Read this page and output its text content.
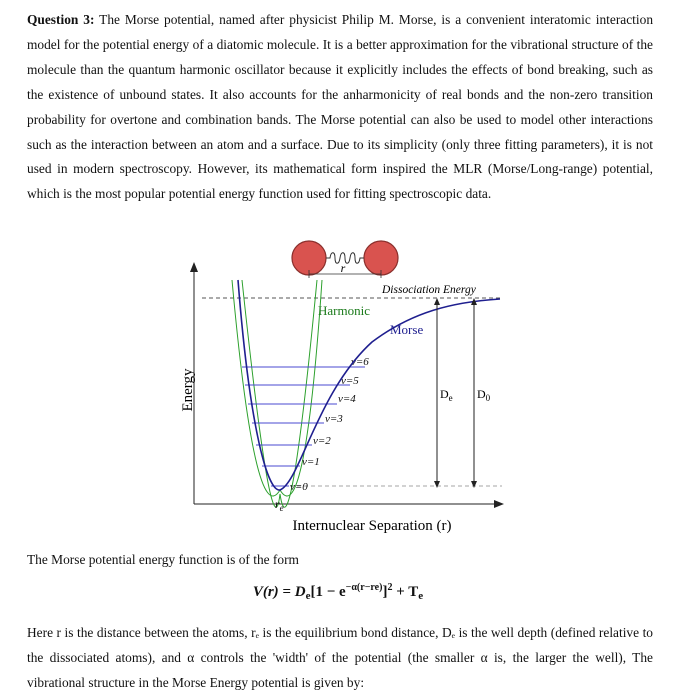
Question 3: The Morse potential, named after physicist Philip M. Morse, is a convenient interatomic interaction model for the potential energy of a diatomic molecule. It is a better approximation for the vibrational structure of the molecule than the quantum harmonic oscillator because it explicitly includes the effects of bond breaking, such as the existence of unbound states. It also accounts for the anharmonicity of real bonds and the non-zero transition probability for overtone and combination bands. The Morse potential can also be used to model other interactions such as the interaction between an atom and a surface. Due to its simplicity (only three fitting parameters), it is not used in modern spectroscopy. However, its mathematical form inspired the MLR (Morse/Long-range) potential, which is the most popular potential energy function used for fitting spectroscopic data.

r
Energy
Dissociation Energy
Harmonic
v=0
v=1
v=2
v=3
v=4
v=5
v=6
Morse
$D_e$ $D_0$
$r_e$
Internuclear Separation (r)

The Morse potential energy function is of the form

$V(r) = D_e[1 - e^{-\alpha(r-re)}]^2 + T_e$

Here r is the distance between the atoms, rₑ is the equilibrium bond distance, Dₑ is the well depth (defined relative to the dissociated atoms), and α controls the 'width' of the potential (the smaller α is, the larger the well), The vibrational structure in the Morse Energy potential is given by:
